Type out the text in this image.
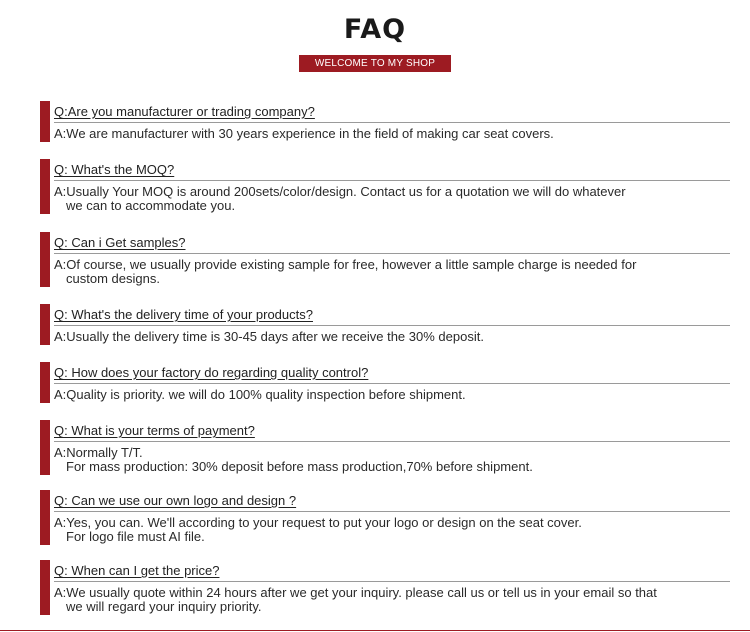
FAQ
WELCOME TO MY SHOP
Q:Are you manufacturer or trading company?
A:We are manufacturer with 30 years experience in the field of making car seat covers.
Q: What's the MOQ?
A:Usually Your MOQ is around 200sets/color/design. Contact us for a quotation we will do whatever
we can to accommodate you.
Q: Can i Get samples?
A:Of course, we usually provide existing sample for free, however a little sample charge is needed for
custom designs.
Q: What's the delivery time of your products?
A:Usually the delivery time is 30-45 days after we receive the 30% deposit.
Q: How does your factory do regarding quality control?
A:Quality is priority. we will do 100% quality inspection before shipment.
Q: What is your terms of payment?
A:Normally T/T.
For mass production: 30% deposit before mass production,70% before shipment.
Q: Can we use our own logo and design ?
A:Yes, you can. We'll according to your request to put your logo or design on the seat cover.
For logo file must AI file.
Q: When can I get the price?
A:We usually quote within 24 hours after we get your inquiry. please call us or tell us in your email so that
we will regard your inquiry priority.
